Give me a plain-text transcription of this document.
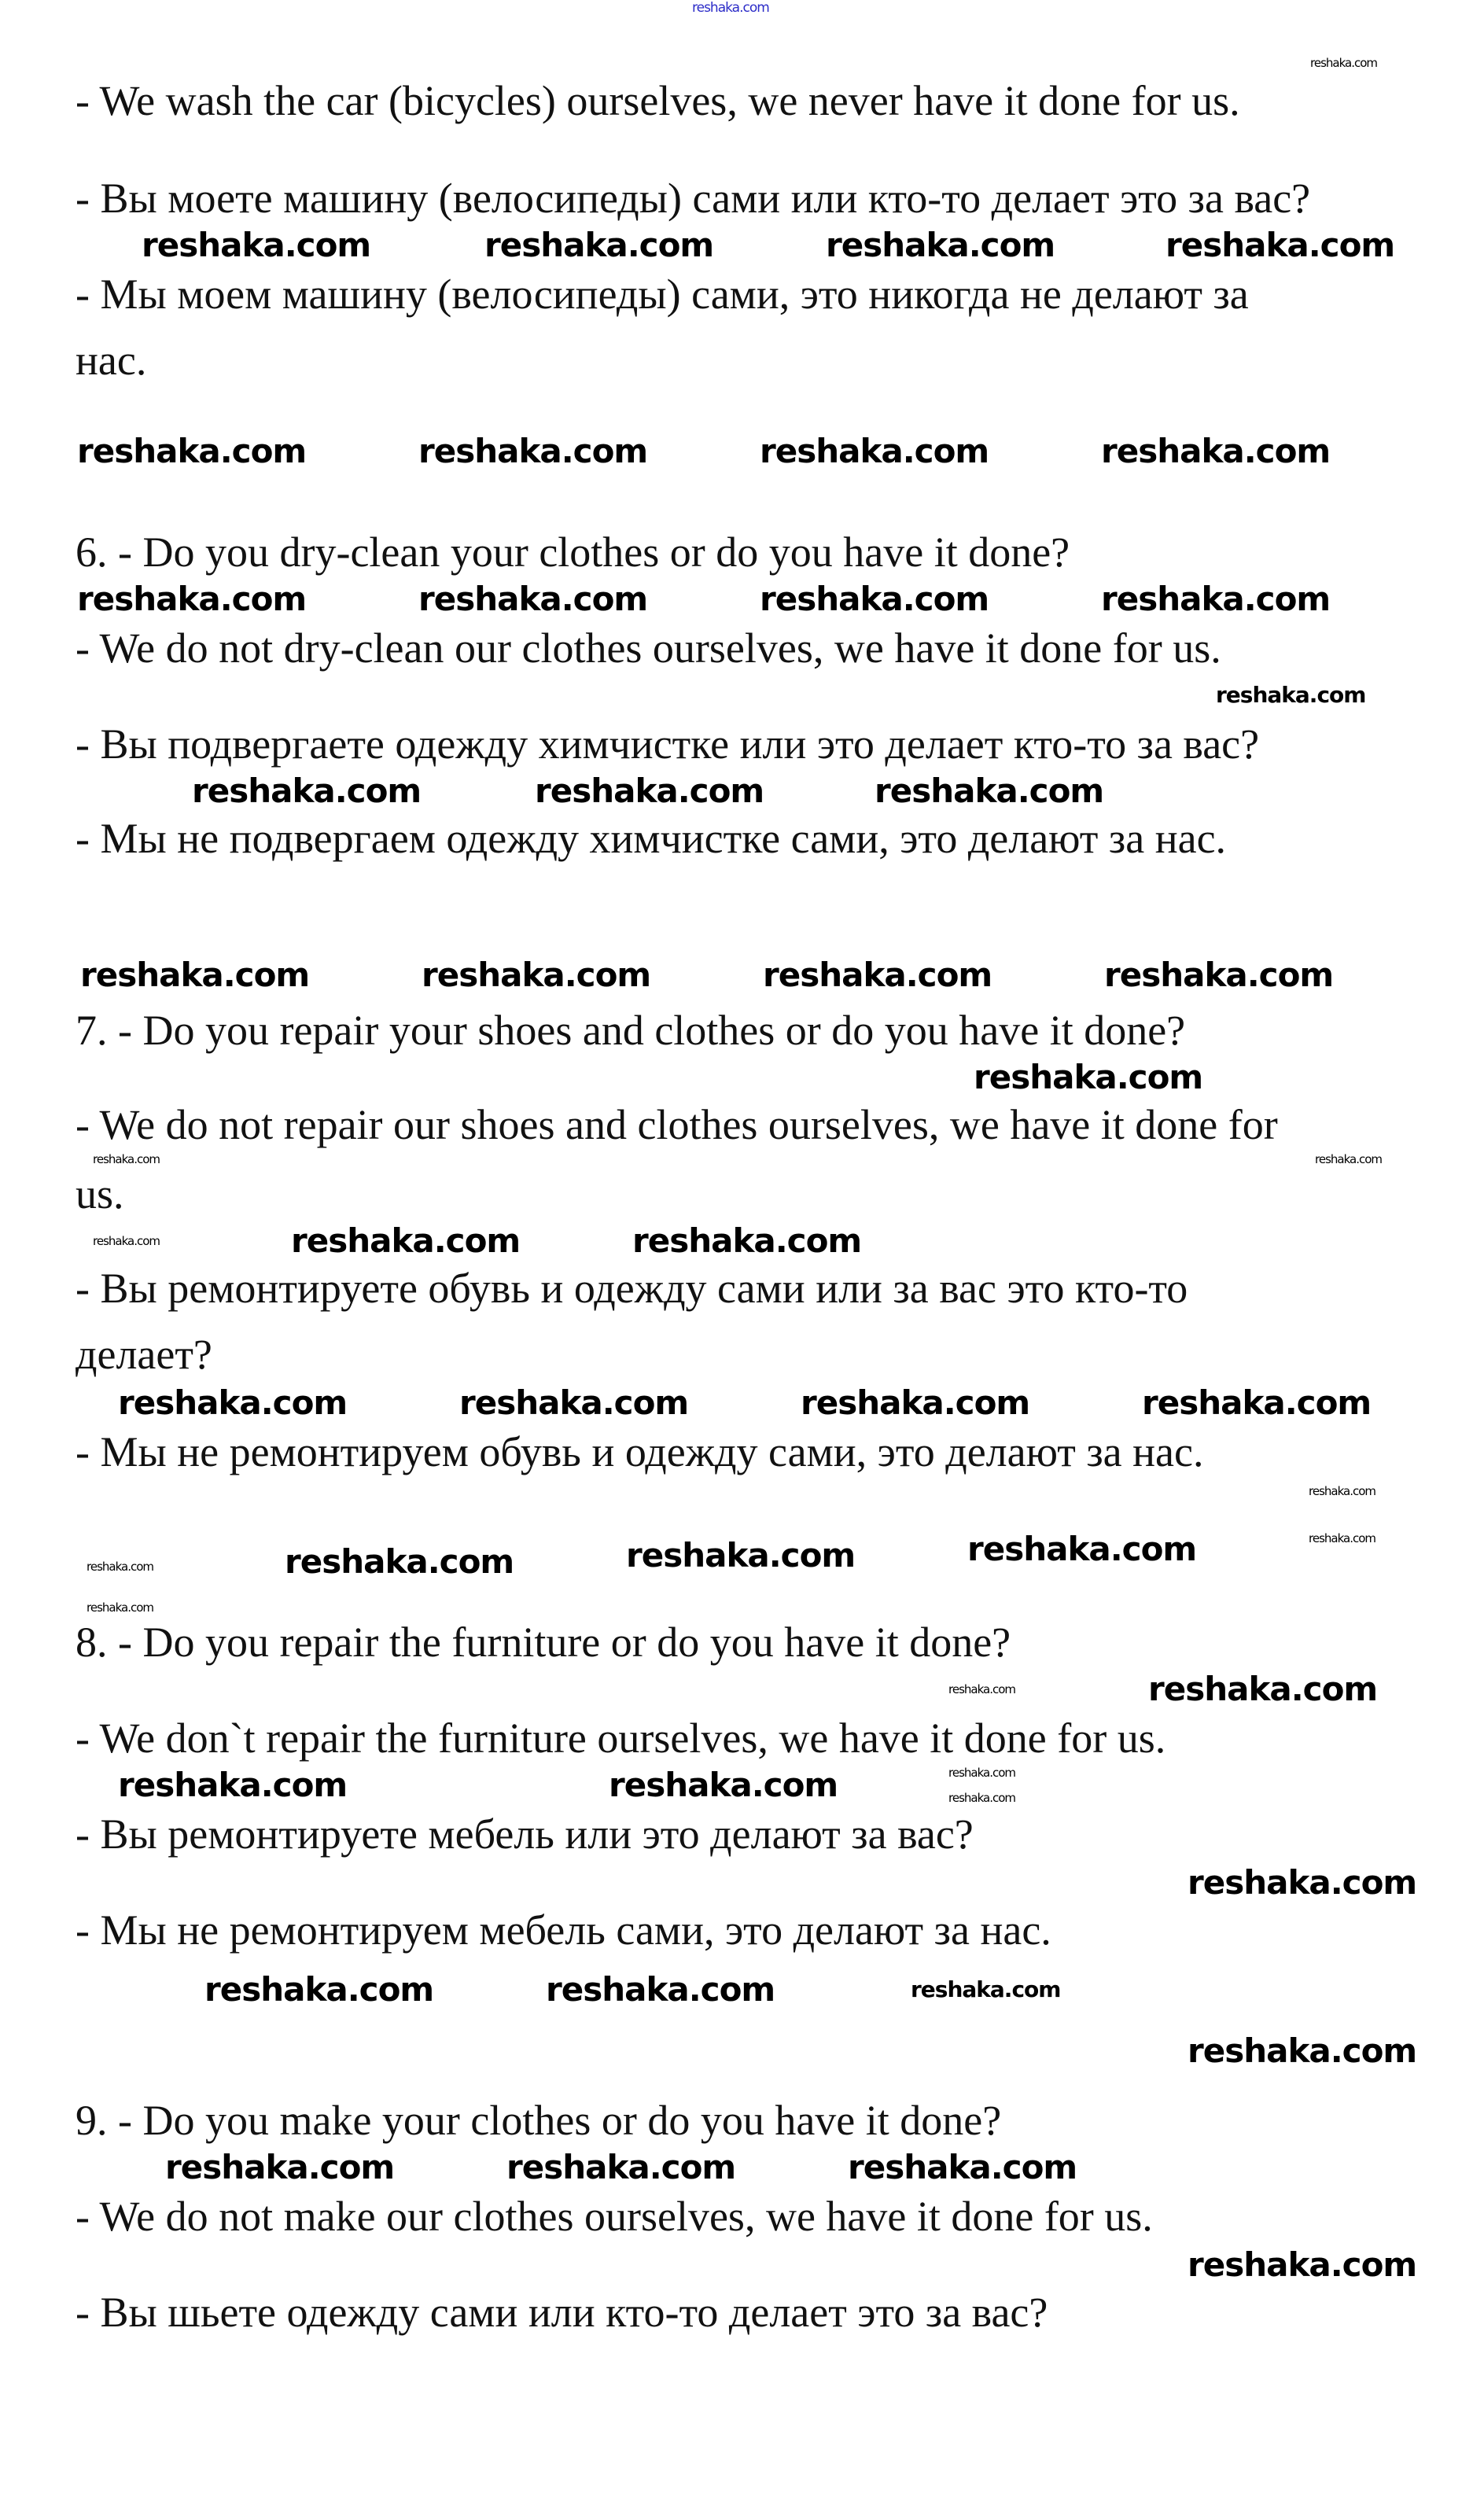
- We wash the car (bicycles) ourselves, we never have it done for us.
- Вы моете машину (велосипеды) сами или кто-то делает это за вас?
- Мы моем машину (велосипеды) сами, это никогда не делают за
нас.
6. - Do you dry-clean your clothes or do you have it done?
- We do not dry-clean our clothes ourselves, we have it done for us.
- Вы подвергаете одежду химчистке или это делает кто-то за вас?
- Мы не подвергаем одежду химчистке сами, это делают за нас.
7. - Do you repair your shoes and clothes or do you have it done?
- We do not repair our shoes and clothes ourselves, we have it done for
us.
- Вы ремонтируете обувь и одежду сами или за вас это кто-то
делает?
- Мы не ремонтируем обувь и одежду сами, это делают за нас.
8. - Do you repair the furniture or do you have it done?
- We don`t repair the furniture ourselves, we have it done for us.
- Вы ремонтируете мебель или это делают за вас?
- Мы не ремонтируем мебель сами, это делают за нас.
9. - Do you make your clothes or do you have it done?
- We do not make our clothes ourselves, we have it done for us.
- Вы шьете одежду сами или кто-то делает это за вас?
reshaka.com
reshaka.com
reshaka.com	reshaka.com	reshaka.com	reshaka.com
reshaka.com	reshaka.com	reshaka.com	reshaka.com
reshaka.com	reshaka.com	reshaka.com	reshaka.com
reshaka.com
reshaka.com	reshaka.com	reshaka.com
reshaka.com	reshaka.com	reshaka.com	reshaka.com
reshaka.com
reshaka.com
reshaka.com
reshaka.com	reshaka.com
reshaka.com
reshaka.com
reshaka.com	reshaka.com	reshaka.com
reshaka.com
reshaka.com
reshaka.com	reshaka.com	reshaka.com	reshaka.com
reshaka.com
reshaka.com	reshaka.com
reshaka.com
reshaka.com
reshaka.com	reshaka.com
reshaka.com
reshaka.com	reshaka.com	reshaka.com
reshaka.com
reshaka.com	reshaka.com	reshaka.com
reshaka.com
